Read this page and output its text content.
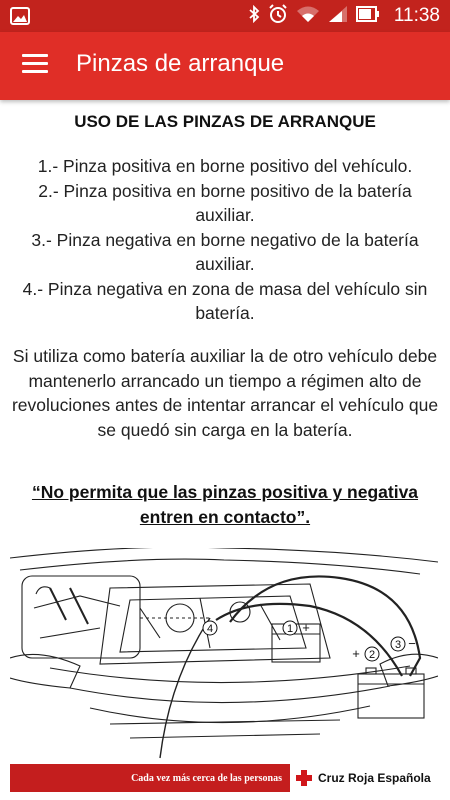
11:38
Pinzas de arranque
USO DE LAS PINZAS DE ARRANQUE
1.- Pinza positiva en borne positivo del vehículo.
2.- Pinza positiva en borne positivo de la batería auxiliar.
3.- Pinza negativa en borne negativo de la batería auxiliar.
4.- Pinza negativa en zona de masa del vehículo sin batería.
Si utiliza como batería auxiliar la de otro vehículo debe mantenerlo arrancado un tiempo a régimen alto de revoluciones antes de intentar arrancar el vehículo que se quedó sin carga en la batería.
“No permita que las pinzas positiva y negativa entren en contacto”.
4	1 +
2
+
3 −
Cada vez más cerca de las personas	Cruz Roja Española
